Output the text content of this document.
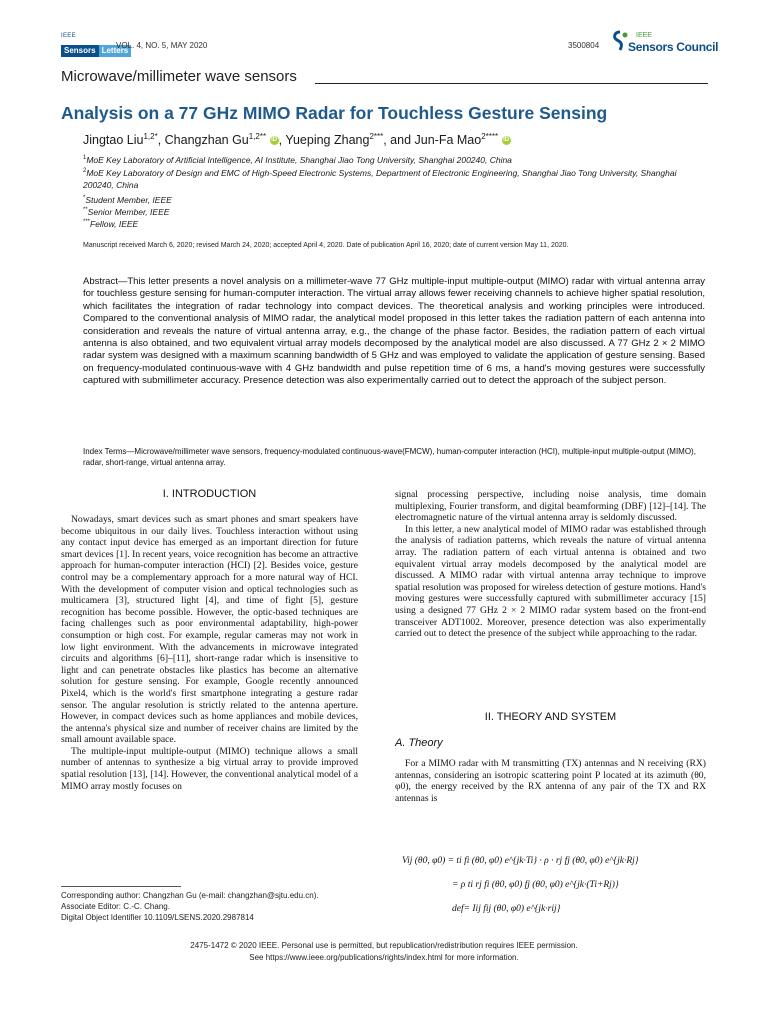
IEEE
Sensors Letters
VOL. 4, NO. 5, MAY 2020	3500804
IEEE
Sensors Council
Microwave/millimeter wave sensors
Analysis on a 77 GHz MIMO Radar for Touchless Gesture Sensing
Jingtao Liu$^{1,2*}$, Changzhan $Gu^{1,2**}$ iD , Yueping Zhang$^{2***}$, and Jun-Fa Mao$^{2****}$ iD
$^1$MoE Key Laboratory of Artificial Intelligence, AI Institute, Shanghai Jiao Tong University, Shanghai 200240, China
$^2$MoE Key Laboratory of Design and EMC of High-Speed Electronic Systems, Department of Electronic Engineering, Shanghai Jiao Tong University, Shanghai 200240, China
*Student Member, IEEE
**Senior Member, IEEE
***Fellow, IEEE
Manuscript received March 6, 2020; revised March 24, 2020; accepted April 4, 2020. Date of publication April 16, 2020; date of current version May 11, 2020.
Abstract—This letter presents a novel analysis on a millimeter-wave 77 GHz multiple-input multiple-output (MIMO) radar with virtual antenna array for touchless gesture sensing for human-computer interaction. The virtual array allows fewer receiving channels to achieve higher spatial resolution, which facilitates the integration of radar technology into compact devices. The theoretical analysis and working principles were introduced. Compared to the conventional analysis of MIMO radar, the analytical model proposed in this letter takes the radiation pattern of each antenna into consideration and reveals the nature of virtual antenna array, e.g., the change of the phase factor. Besides, the radiation pattern of each virtual antenna is also obtained, and two equivalent virtual array models decomposed by the analytical model are also discussed. A 77 GHz 2 × 2 MIMO radar system was designed with a maximum scanning bandwidth of 5 GHz and was employed to validate the application of gesture sensing. Based on frequency-modulated continuous-wave with 4 GHz bandwidth and pulse repetition time of 6 ms, a hand's moving gestures were successfully captured with submillimeter accuracy. Presence detection was also experimentally carried out to detect the approach of the subject person.
Index Terms—Microwave/millimeter wave sensors, frequency-modulated continuous-wave(FMCW), human-computer interaction (HCI), multiple-input multiple-output (MIMO), radar, short-range, virtual antenna array.
I. INTRODUCTION

Nowadays, smart devices such as smart phones and smart speakers have become ubiquitous in our daily lives. Touchless interaction without using any contact input device has emerged as an important direction for future smart devices [1]. In recent years, voice recognition has become an attractive approach for human-computer interaction (HCI) [2]. Besides voice, gesture control may be a complementary approach for a more natural way of HCI. With the development of computer vision and optical technologies such as multicamera [3], structured light [4], and time of fight [5], gesture recognition has become possible. However, the optic-based techniques are facing challenges such as poor environmental adaptability, high-power consumption or high cost. For example, regular cameras may not work in low light environment. With the advancements in microwave integrated circuits and algorithms [6]–[11], short-range radar which is insensitive to light and can penetrate obstacles like plastics has become an alternative solution for gesture sensing. For example, Google recently announced Pixel4, which is the world's first smartphone integrating a gesture radar sensor. The angular resolution is strictly related to the antenna aperture. However, in compact devices such as home appliances and mobile devices, the antenna's physical size and number of receiver chains are limited by the small amount available space.

The multiple-input multiple-output (MIMO) technique allows a small number of antennas to synthesize a big virtual array to provide improved spatial resolution [13], [14]. However, the conventional analytical model of a MIMO array mostly focuses on

signal processing perspective, including noise analysis, time domain multiplexing, Fourier transform, and digital beamforming (DBF) [12]–[14]. The electromagnetic nature of the virtual antenna array is seldomly discussed.

In this letter, a new analytical model of MIMO radar was established through the analysis of radiation patterns, which reveals the nature of virtual antenna array. The radiation pattern of each virtual antenna is obtained and two equivalent virtual array models decomposed by the analytical model are discussed. A MIMO radar with virtual antenna array technique to improve spatial resolution was proposed for wireless detection of gesture motions. Hand's moving gestures were successfully captured with submillimeter accuracy [15] using a designed 77 GHz 2 × 2 MIMO radar system based on the front-end transceiver ADT1002. Moreover, presence detection was also experimentally carried out to detect the presence of the subject while approaching to the radar.

II. THEORY AND SYSTEM
A. Theory

For a MIMO radar with M transmitting (TX) antennas and N receiving (RX) antennas, considering an isotropic scattering point P located at its azimuth (θ0, φ0), the energy received by the RX antenna of any pair of the TX and RX antennas is

Vij (θ0, φ0) = ti fi (θ0, φ0) e^{jk·Ti} · ρ · rj fj (θ0, φ0) e^{jk·Rj}
= ρ ti rj fi (θ0, φ0) fj (θ0, φ0) e^{jk·(Ti+Rj)}
def= Iij fij (θ0, φ0) e^{jk·rij}
Corresponding author: Changzhan Gu (e-mail: changzhan@sjtu.edu.cn).
Associate Editor: C.-C. Chang.
Digital Object Identifier 10.1109/LSENS.2020.2987814
2475-1472 © 2020 IEEE. Personal use is permitted, but republication/redistribution requires IEEE permission.
See https://www.ieee.org/publications/rights/index.html for more information.
